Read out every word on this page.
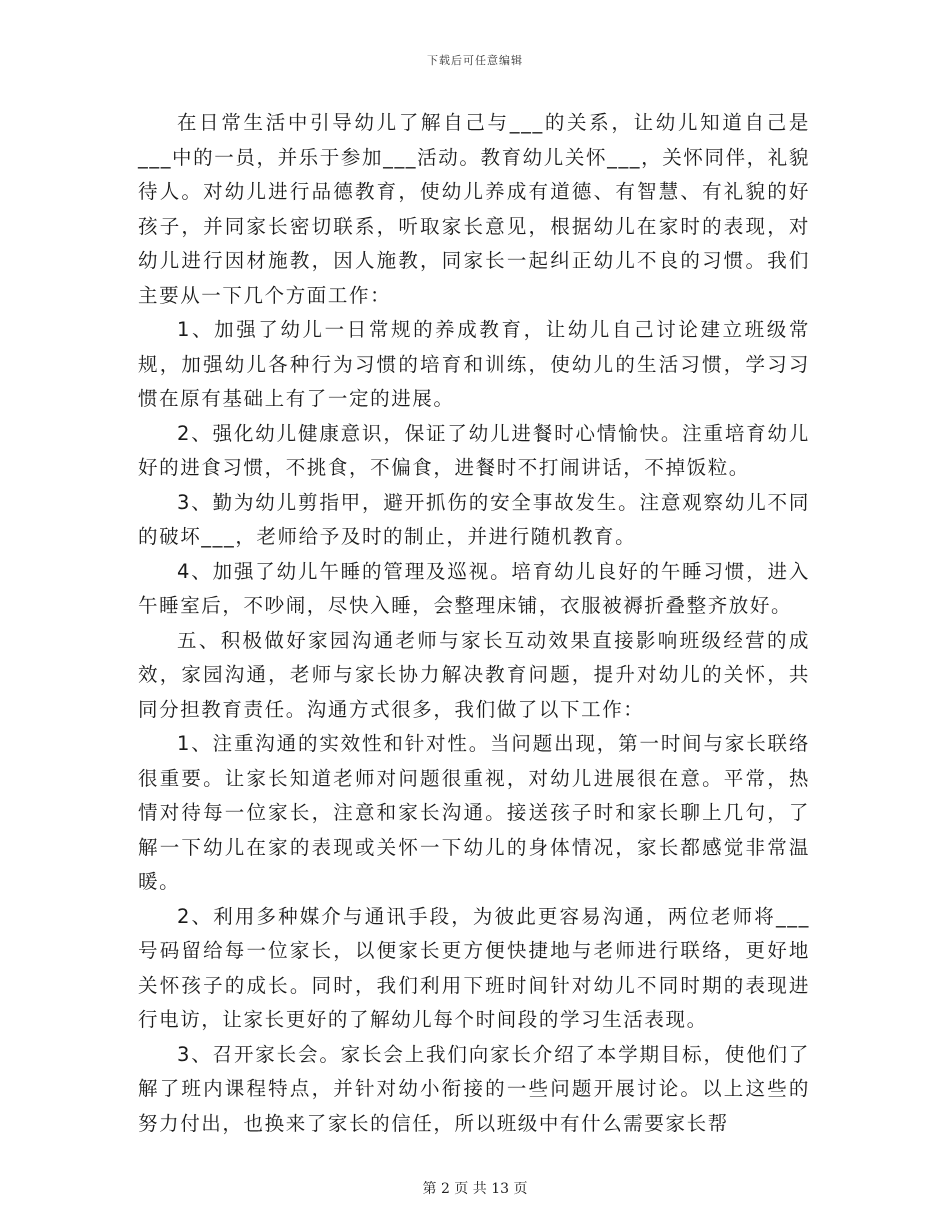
下载后可任意编辑

在日常生活中引导幼儿了解自己与___的关系，让幼儿知道自己是___中的一员，并乐于参加___活动。教育幼儿关怀___，关怀同伴，礼貌待人。对幼儿进行品德教育，使幼儿养成有道德、有智慧、有礼貌的好孩子，并同家长密切联系，听取家长意见，根据幼儿在家时的表现，对幼儿进行因材施教，因人施教，同家长一起纠正幼儿不良的习惯。我们主要从一下几个方面工作：

1、加强了幼儿一日常规的养成教育，让幼儿自己讨论建立班级常规，加强幼儿各种行为习惯的培育和训练，使幼儿的生活习惯，学习习惯在原有基础上有了一定的进展。

2、强化幼儿健康意识，保证了幼儿进餐时心情愉快。注重培育幼儿好的进食习惯，不挑食，不偏食，进餐时不打闹讲话，不掉饭粒。

3、勤为幼儿剪指甲，避开抓伤的安全事故发生。注意观察幼儿不同的破坏___，老师给予及时的制止，并进行随机教育。

4、加强了幼儿午睡的管理及巡视。培育幼儿良好的午睡习惯，进入午睡室后，不吵闹，尽快入睡，会整理床铺，衣服被褥折叠整齐放好。

五、积极做好家园沟通老师与家长互动效果直接影响班级经营的成效，家园沟通，老师与家长协力解决教育问题，提升对幼儿的关怀，共同分担教育责任。沟通方式很多，我们做了以下工作：

1、注重沟通的实效性和针对性。当问题出现，第一时间与家长联络很重要。让家长知道老师对问题很重视，对幼儿进展很在意。平常，热情对待每一位家长，注意和家长沟通。接送孩子时和家长聊上几句，了解一下幼儿在家的表现或关怀一下幼儿的身体情况，家长都感觉非常温暖。

2、利用多种媒介与通讯手段，为彼此更容易沟通，两位老师将___号码留给每一位家长，以便家长更方便快捷地与老师进行联络，更好地关怀孩子的成长。同时，我们利用下班时间针对幼儿不同时期的表现进行电访，让家长更好的了解幼儿每个时间段的学习生活表现。

3、召开家长会。家长会上我们向家长介绍了本学期目标，使他们了解了班内课程特点，并针对幼小衔接的一些问题开展讨论。以上这些的努力付出，也换来了家长的信任，所以班级中有什么需要家长帮

第 2 页 共 13 页
